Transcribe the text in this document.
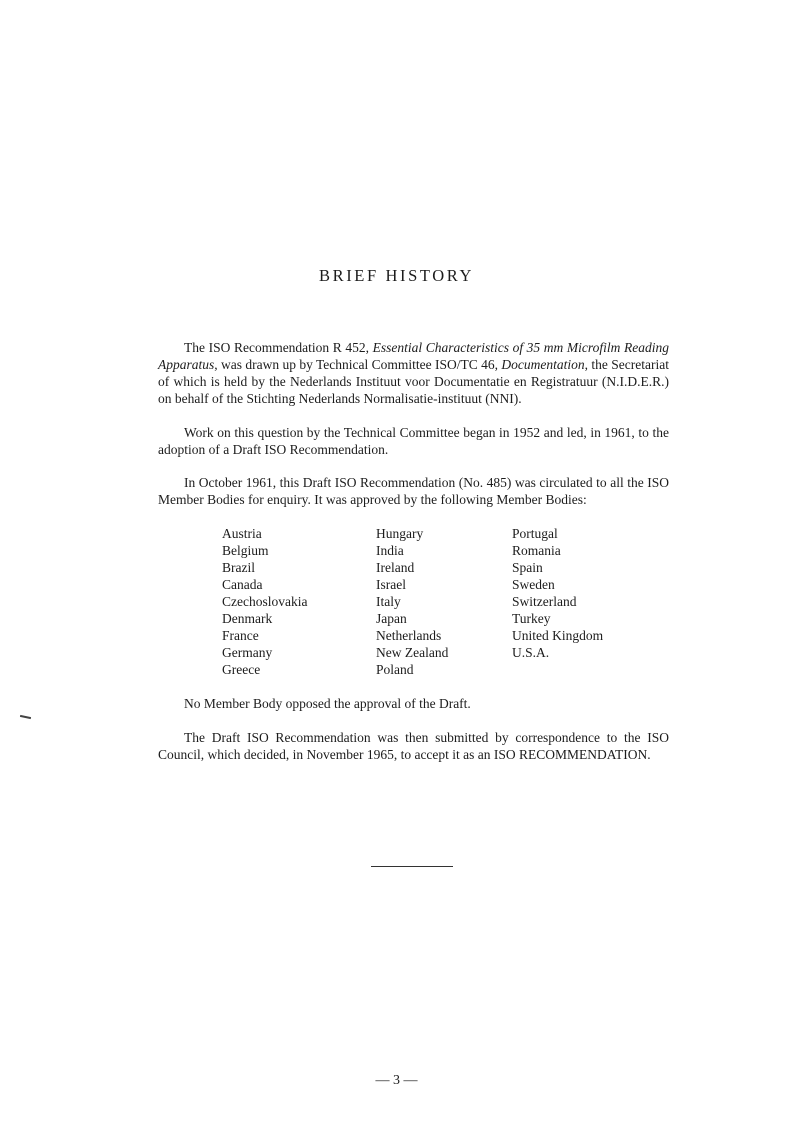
BRIEF HISTORY

The ISO Recommendation R 452, Essential Characteristics of 35 mm Microfilm Reading Apparatus, was drawn up by Technical Committee ISO/TC 46, Documentation, the Secretariat of which is held by the Nederlands Instituut voor Documentatie en Registratuur (N.I.D.E.R.) on behalf of the Stichting Nederlands Normalisatie-instituut (NNI).

Work on this question by the Technical Committee began in 1952 and led, in 1961, to the adoption of a Draft ISO Recommendation.

In October 1961, this Draft ISO Recommendation (No. 485) was circulated to all the ISO Member Bodies for enquiry. It was approved by the following Member Bodies:

Austria
Belgium
Brazil
Canada
Czechoslovakia
Denmark
France
Germany
Greece
Hungary
India
Ireland
Israel
Italy
Japan
Netherlands
New Zealand
Poland
Portugal
Romania
Spain
Sweden
Switzerland
Turkey
United Kingdom
U.S.A.

No Member Body opposed the approval of the Draft.

The Draft ISO Recommendation was then submitted by correspondence to the ISO Council, which decided, in November 1965, to accept it as an ISO RECOMMENDATION.

— 3 —
